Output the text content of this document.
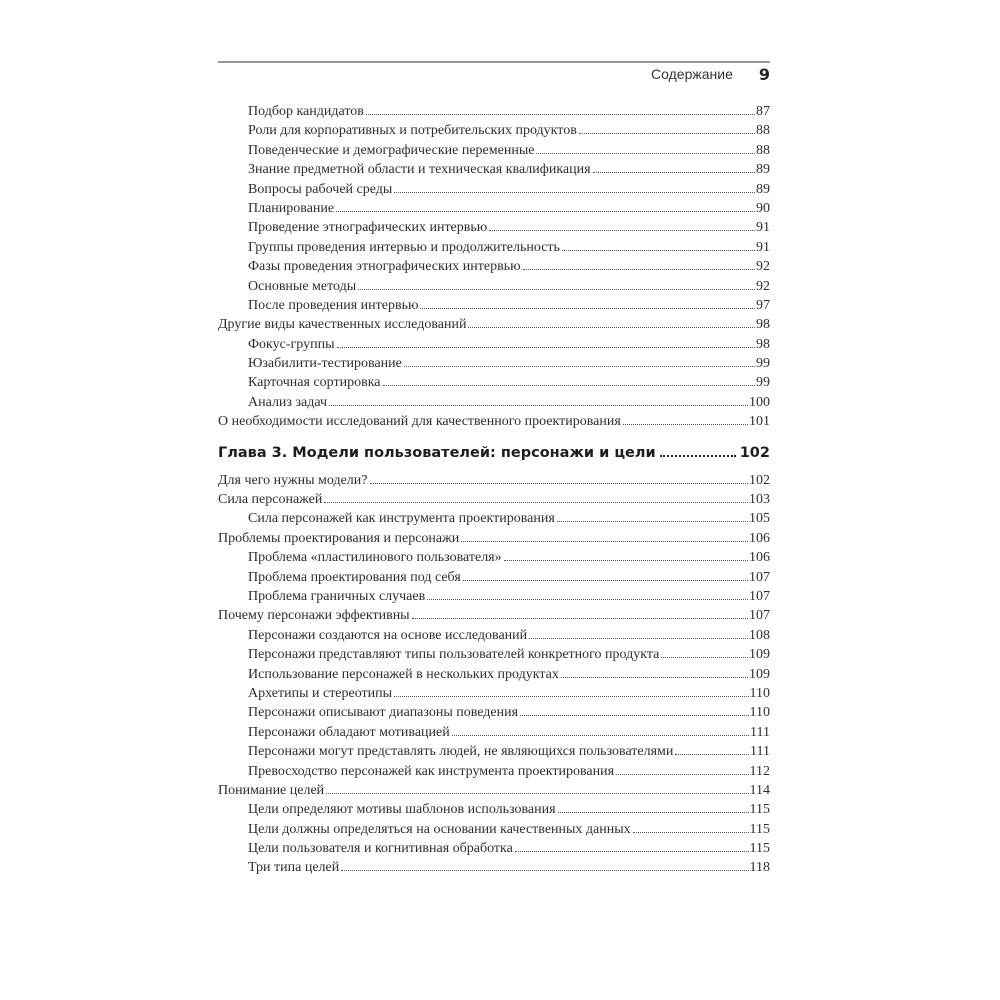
Содержание 9
Подбор кандидатов	87
Роли для корпоративных и потребительских продуктов	88
Поведенческие и демографические переменные	88
Знание предметной области и техническая квалификация	89
Вопросы рабочей среды	89
Планирование	90
Проведение этнографических интервью	91
Группы проведения интервью и продолжительность	91
Фазы проведения этнографических интервью	92
Основные методы	92
После проведения интервью	97
Другие виды качественных исследований	98
Фокус-группы	98
Юзабилити-тестирование	99
Карточная сортировка	99
Анализ задач	100
О необходимости исследований для качественного проектирования	101
Глава 3. Модели пользователей: персонажи и цели	102
Для чего нужны модели?	102
Сила персонажей	103
Сила персонажей как инструмента проектирования	105
Проблемы проектирования и персонажи	106
Проблема «пластилинового пользователя»	106
Проблема проектирования под себя	107
Проблема граничных случаев	107
Почему персонажи эффективны	107
Персонажи создаются на основе исследований	108
Персонажи представляют типы пользователей конкретного продукта	109
Использование персонажей в нескольких продуктах	109
Архетипы и стереотипы	110
Персонажи описывают диапазоны поведения	110
Персонажи обладают мотивацией	111
Персонажи могут представлять людей, не являющихся пользователями	111
Превосходство персонажей как инструмента проектирования	112
Понимание целей	114
Цели определяют мотивы шаблонов использования	115
Цели должны определяться на основании качественных данных	115
Цели пользователя и когнитивная обработка	115
Три типа целей	118
